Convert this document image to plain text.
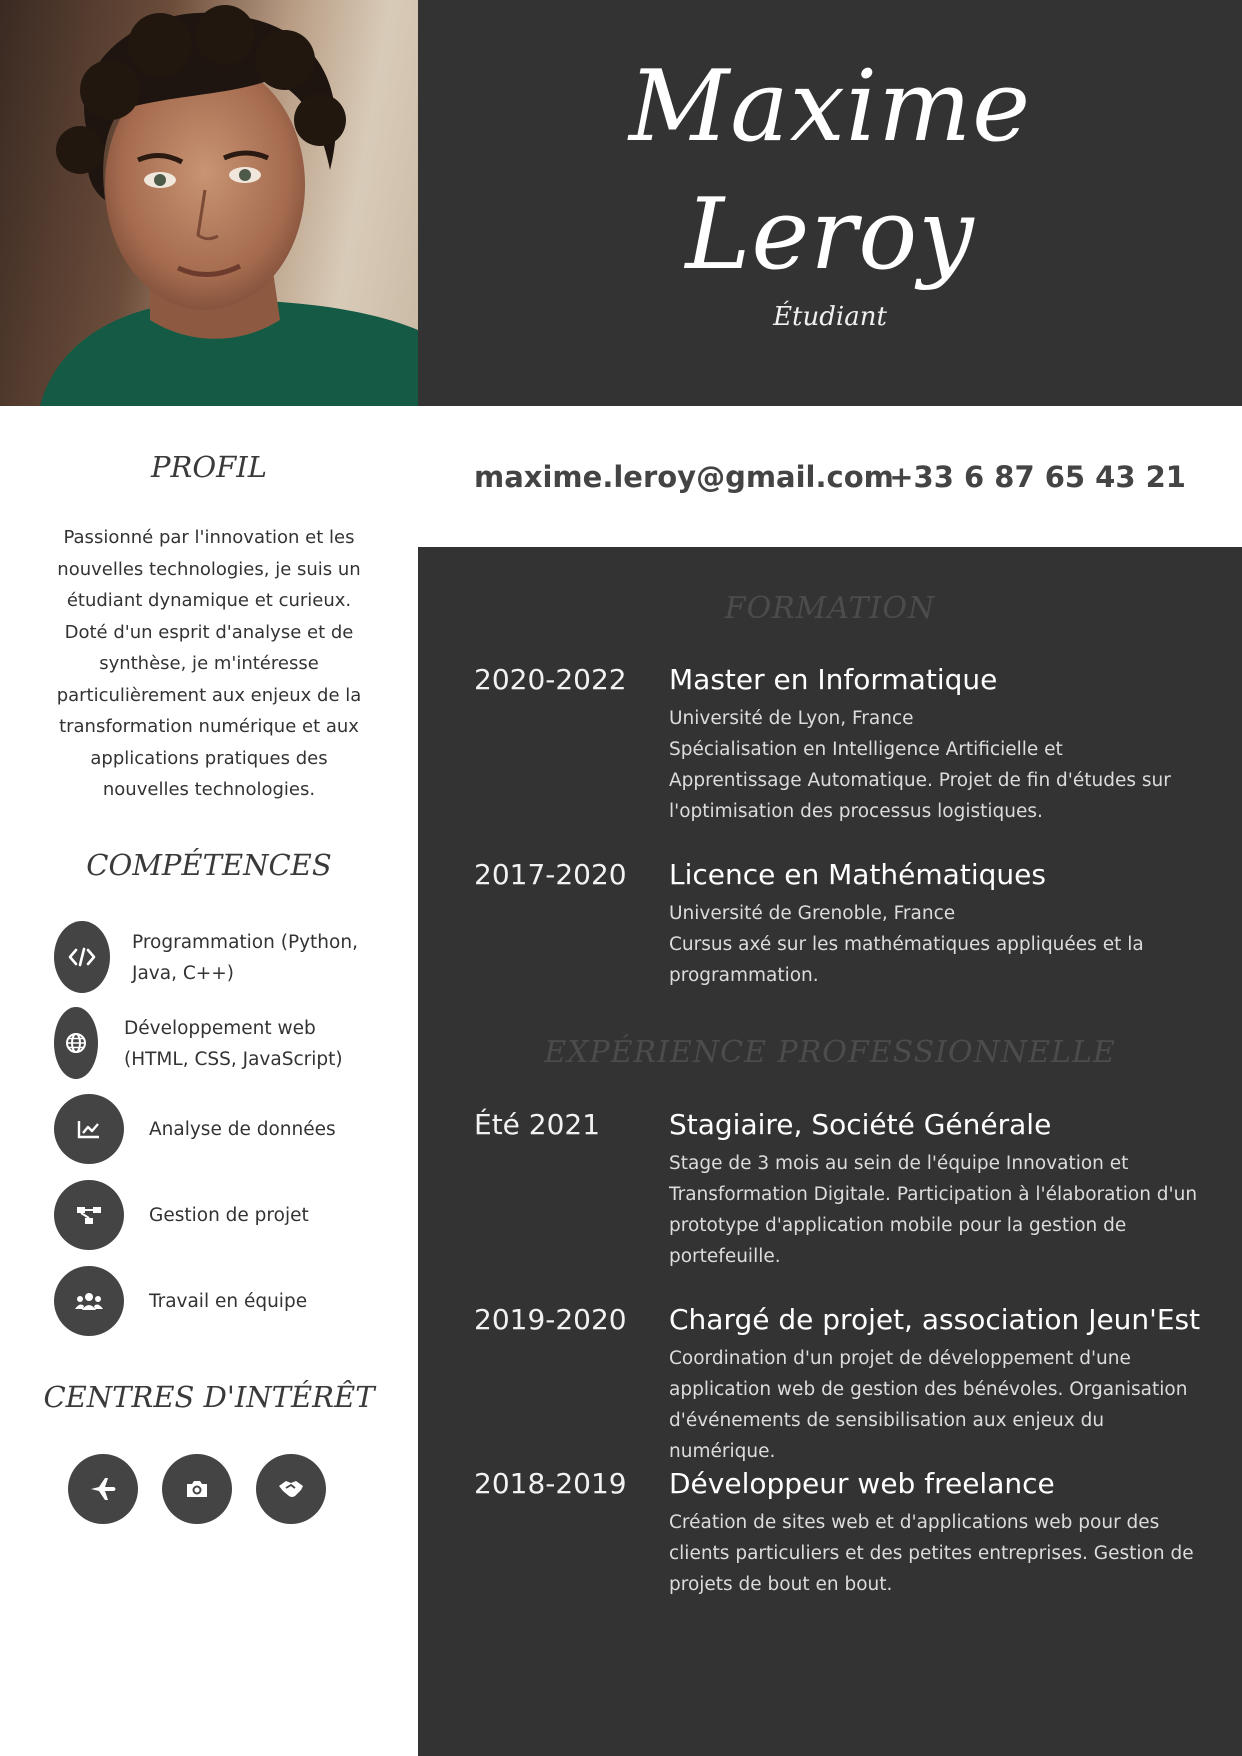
Maxime
Leroy
Étudiant
maxime.leroy@gmail.com
+33 6 87 65 43 21
PROFIL
Passionné par l'innovation et les nouvelles technologies, je suis un étudiant dynamique et curieux. Doté d'un esprit d'analyse et de synthèse, je m'intéresse particulièrement aux enjeux de la transformation numérique et aux applications pratiques des nouvelles technologies.
COMPÉTENCES
Programmation (Python,
Java, C++)
Développement web
(HTML, CSS, JavaScript)
Analyse de données
Gestion de projet
Travail en équipe
CENTRES D'INTÉRÊT
FORMATION
2020-2022 Master en Informatique
Université de Lyon, France
Spécialisation en Intelligence Artificielle et Apprentissage Automatique. Projet de fin d'études sur l'optimisation des processus logistiques.
2017-2020 Licence en Mathématiques
Université de Grenoble, France
Cursus axé sur les mathématiques appliquées et la programmation.
EXPÉRIENCE PROFESSIONNELLE
Été 2021 Stagiaire, Société Générale
Stage de 3 mois au sein de l'équipe Innovation et Transformation Digitale. Participation à l'élaboration d'un prototype d'application mobile pour la gestion de portefeuille.
2019-2020 Chargé de projet, association Jeun'Est
Coordination d'un projet de développement d'une application web de gestion des bénévoles. Organisation d'événements de sensibilisation aux enjeux du numérique.
2018-2019 Développeur web freelance
Création de sites web et d'applications web pour des clients particuliers et des petites entreprises. Gestion de projets de bout en bout.
